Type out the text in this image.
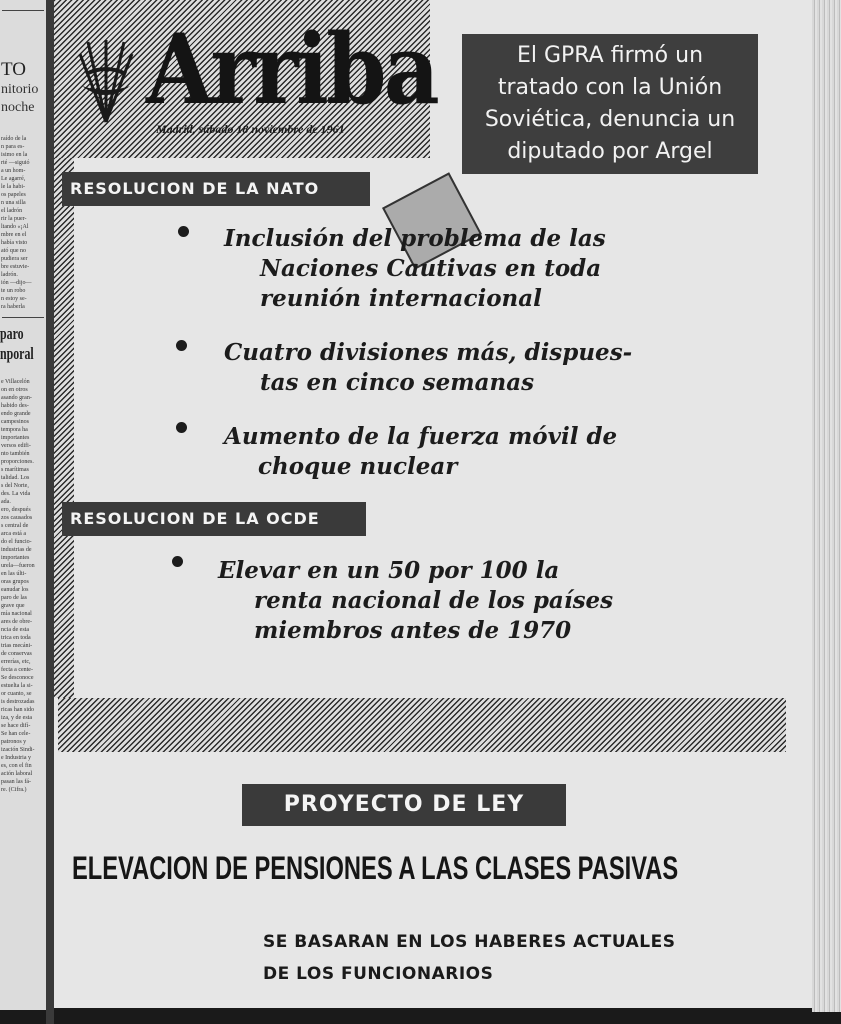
TO
nitorio
noche
raído de la
n para es-
isimo en la
rté —siguió
a un hom-
Le agarré,
le la habi-
os papeles
n una silla
el ladrón
rir la puer-
ltando «¡Al
mbre en el
había visto
ató que no
pudiera ser
bre estuvie-
ladrón.
ión —dijo—
te un robo
n estoy se-
ra haberla
paro
nporal
e Villacelón
on en otros
asando gran-
habido des-
endo grande
campesinos
tempora ha
importantes
versos edifi-
nto también
proporciones.
s marítimas
talidad. Los
s del Norte,
des. La vida
ada.
ero, después
zos causados
s central de
arca está a
do el funcio-
industrias de
importantes
urela—fueron
en las últi-
oras grupos
eanudar los
paro de las
grave que
mía nacional
ares de obre-
ncia de esta
trica en toda
trias mecáni-
de conservas
errerías, etc,
fecta a cente-
Se desconoce
estuelta la si-
or cuanto, se
is destrozadas
ricas han sido
iza, y de esta
se hace difí-
Se han cele-
patronos y
ización Sindi-
e Industria y
es, con el fin
ación laboral
pasan las fá-
re. (Cifra.)
Arriba
Madrid, sábado 18 noviembre de 1961
El GPRA firmó un
tratado con la Unión
Soviética, denuncia un
diputado por Argel
RESOLUCION DE LA NATO
Inclusión del problema de las
Naciones Cautivas en toda
reunión internacional
Cuatro divisiones más, dispues-
tas en cinco semanas
Aumento de la fuerza móvil de
choque nuclear
RESOLUCION DE LA OCDE
Elevar en un 50 por 100 la
renta nacional de los países
miembros antes de 1970
PROYECTO DE LEY
ELEVACION DE PENSIONES A LAS CLASES PASIVAS
SE BASARAN EN LOS HABERES ACTUALES
DE LOS FUNCIONARIOS
